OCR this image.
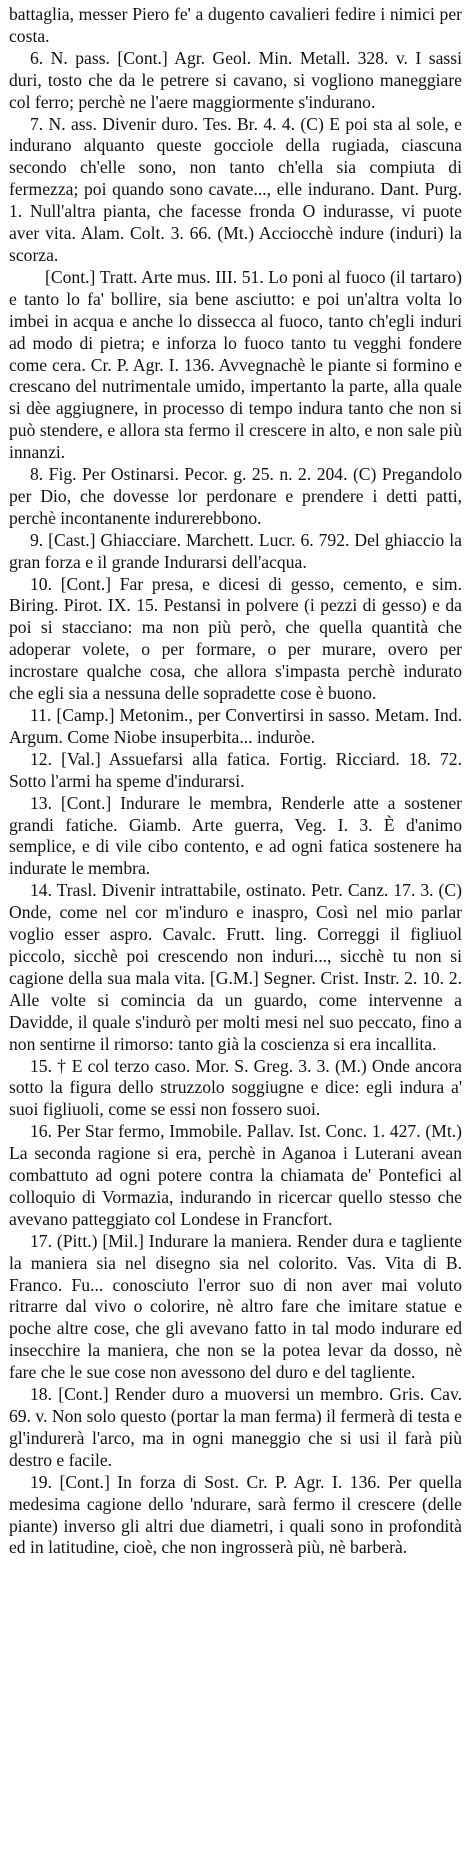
battaglia, messer Piero fe' a dugento cavalieri fedire i nimici per costa.

6. N. pass. [Cont.] Agr. Geol. Min. Metall. 328. v. I sassi duri, tosto che da le petrere si cavano, si vogliono maneggiare col ferro; perchè ne l'aere maggiormente s'indurano.

7. N. ass. Divenir duro. Tes. Br. 4. 4. (C) E poi sta al sole, e indurano alquanto queste gocciole della rugiada, ciascuna secondo ch'elle sono, non tanto ch'ella sia compiuta di fermezza; poi quando sono cavate..., elle indurano. Dant. Purg. 1. Null'altra pianta, che facesse fronda O indurasse, vi puote aver vita. Alam. Colt. 3. 66. (Mt.) Acciocchè indure (induri) la scorza.

[Cont.] Tratt. Arte mus. III. 51. Lo poni al fuoco (il tartaro) e tanto lo fa' bollire, sia bene asciutto: e poi un'altra volta lo imbei in acqua e anche lo dissecca al fuoco, tanto ch'egli induri ad modo di pietra; e inforza lo fuoco tanto tu vegghi fondere come cera. Cr. P. Agr. I. 136. Avvegnachè le piante si formino e crescano del nutrimentale umido, impertanto la parte, alla quale si dèe aggiugnere, in processo di tempo indura tanto che non si può stendere, e allora sta fermo il crescere in alto, e non sale più innanzi.

8. Fig. Per Ostinarsi. Pecor. g. 25. n. 2. 204. (C) Pregandolo per Dio, che dovesse lor perdonare e prendere i detti patti, perchè incontanente indurerebbono.

9. [Cast.] Ghiacciare. Marchett. Lucr. 6. 792. Del ghiaccio la gran forza e il grande Indurarsi dell'acqua.

10. [Cont.] Far presa, e dicesi di gesso, cemento, e sim. Biring. Pirot. IX. 15. Pestansi in polvere (i pezzi di gesso) e da poi si stacciano: ma non più però, che quella quantità che adoperar volete, o per formare, o per murare, overo per incrostare qualche cosa, che allora s'impasta perchè indurato che egli sia a nessuna delle sopradette cose è buono.

11. [Camp.] Metonim., per Convertirsi in sasso. Metam. Ind. Argum. Come Niobe insuperbita... induròe.

12. [Val.] Assuefarsi alla fatica. Fortig. Ricciard. 18. 72. Sotto l'armi ha speme d'indurarsi.

13. [Cont.] Indurare le membra, Renderle atte a sostener grandi fatiche. Giamb. Arte guerra, Veg. I. 3. È d'animo semplice, e di vile cibo contento, e ad ogni fatica sostenere ha indurate le membra.

14. Trasl. Divenir intrattabile, ostinato. Petr. Canz. 17. 3. (C) Onde, come nel cor m'induro e inaspro, Così nel mio parlar voglio esser aspro. Cavalc. Frutt. ling. Correggi il figliuol piccolo, sicchè poi crescendo non induri..., sicchè tu non si cagione della sua mala vita. [G.M.] Segner. Crist. Instr. 2. 10. 2. Alle volte si comincia da un guardo, come intervenne a Davidde, il quale s'indurò per molti mesi nel suo peccato, fino a non sentirne il rimorso: tanto già la coscienza si era incallita.

15. † E col terzo caso. Mor. S. Greg. 3. 3. (M.) Onde ancora sotto la figura dello struzzolo soggiugne e dice: egli indura a' suoi figliuoli, come se essi non fossero suoi.

16. Per Star fermo, Immobile. Pallav. Ist. Conc. 1. 427. (Mt.) La seconda ragione si era, perchè in Aganoa i Luterani avean combattuto ad ogni potere contra la chiamata de' Pontefici al colloquio di Vormazia, indurando in ricercar quello stesso che avevano patteggiato col Londese in Francfort.

17. (Pitt.) [Mil.] Indurare la maniera. Render dura e tagliente la maniera sia nel disegno sia nel colorito. Vas. Vita di B. Franco. Fu... conosciuto l'error suo di non aver mai voluto ritrarre dal vivo o colorire, nè altro fare che imitare statue e poche altre cose, che gli avevano fatto in tal modo indurare ed insecchire la maniera, che non se la potea levar da dosso, nè fare che le sue cose non avessono del duro e del tagliente.

18. [Cont.] Render duro a muoversi un membro. Gris. Cav. 69. v. Non solo questo (portar la man ferma) il fermerà di testa e gl'indurerà l'arco, ma in ogni maneggio che si usi il farà più destro e facile.

19. [Cont.] In forza di Sost. Cr. P. Agr. I. 136. Per quella medesima cagione dello 'ndurare, sarà fermo il crescere (delle piante) inverso gli altri due diametri, i quali sono in profondità ed in latitudine, cioè, che non ingrosserà più, nè barberà.
